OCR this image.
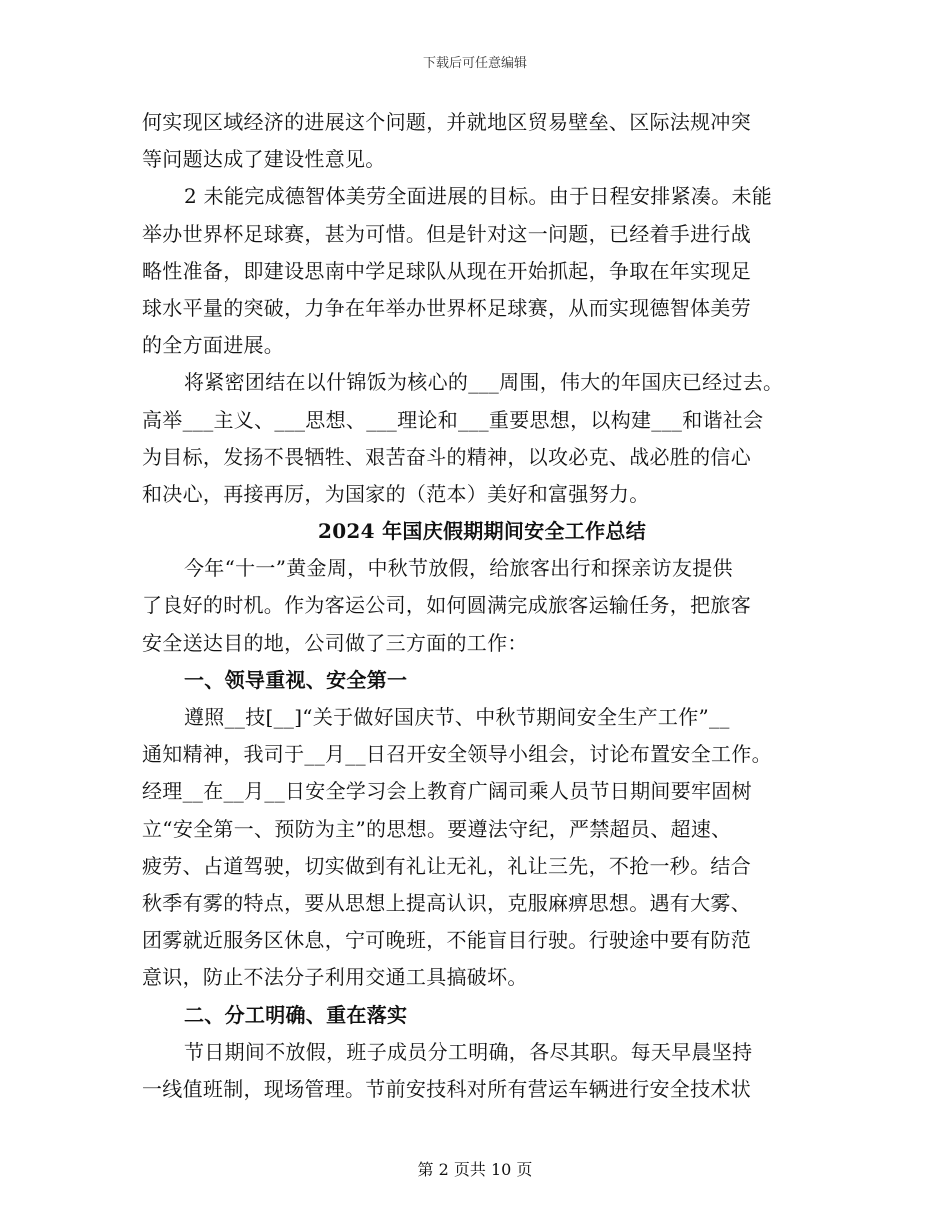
下载后可任意编辑
何实现区域经济的进展这个问题，并就地区贸易壁垒、区际法规冲突
等问题达成了建设性意见。
2 未能完成德智体美劳全面进展的目标。由于日程安排紧凑。未能
举办世界杯足球赛，甚为可惜。但是针对这一问题，已经着手进行战
略性准备，即建设思南中学足球队从现在开始抓起，争取在年实现足
球水平量的突破，力争在年举办世界杯足球赛，从而实现德智体美劳
的全方面进展。
将紧密团结在以什锦饭为核心的___周围，伟大的年国庆已经过去。
高举___主义、___思想、___理论和___重要思想，以构建___和谐社会
为目标，发扬不畏牺牲、艰苦奋斗的精神，以攻必克、战必胜的信心
和决心，再接再厉，为国家的（范本）美好和富强努力。
2024 年国庆假期期间安全工作总结
今年“十一”黄金周，中秋节放假，给旅客出行和探亲访友提供
了良好的时机。作为客运公司，如何圆满完成旅客运输任务，把旅客
安全送达目的地，公司做了三方面的工作：
一、领导重视、安全第一
遵照__技[__]“关于做好国庆节、中秋节期间安全生产工作”__
通知精神，我司于__月__日召开安全领导小组会，讨论布置安全工作。
经理__在__月__日安全学习会上教育广阔司乘人员节日期间要牢固树
立“安全第一、预防为主”的思想。要遵法守纪，严禁超员、超速、
疲劳、占道驾驶，切实做到有礼让无礼，礼让三先，不抢一秒。结合
秋季有雾的特点，要从思想上提高认识，克服麻痹思想。遇有大雾、
团雾就近服务区休息，宁可晚班，不能盲目行驶。行驶途中要有防范
意识，防止不法分子利用交通工具搞破坏。
二、分工明确、重在落实
节日期间不放假，班子成员分工明确，各尽其职。每天早晨坚持
一线值班制，现场管理。节前安技科对所有营运车辆进行安全技术状
第 2 页共 10 页
